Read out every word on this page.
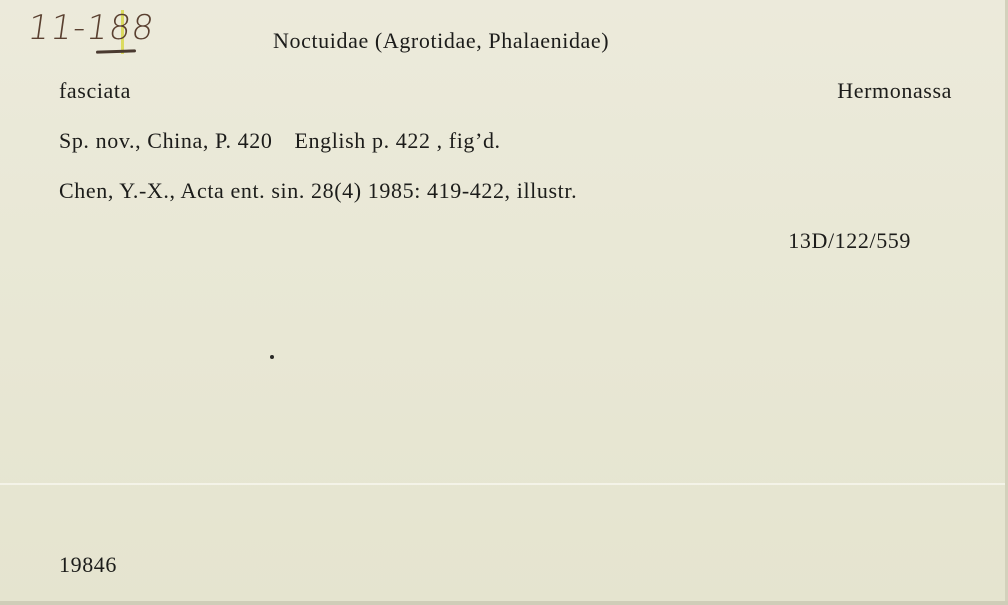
11-188	Noctuidae (Agrotidae, Phalaenidae)
fasciata	Hermonassa
Sp. nov., China, P. 420 English p. 422 , fig’d.
Chen, Y.-X., Acta ent. sin. 28(4) 1985: 419-422, illustr.
13D/122/559
19846
